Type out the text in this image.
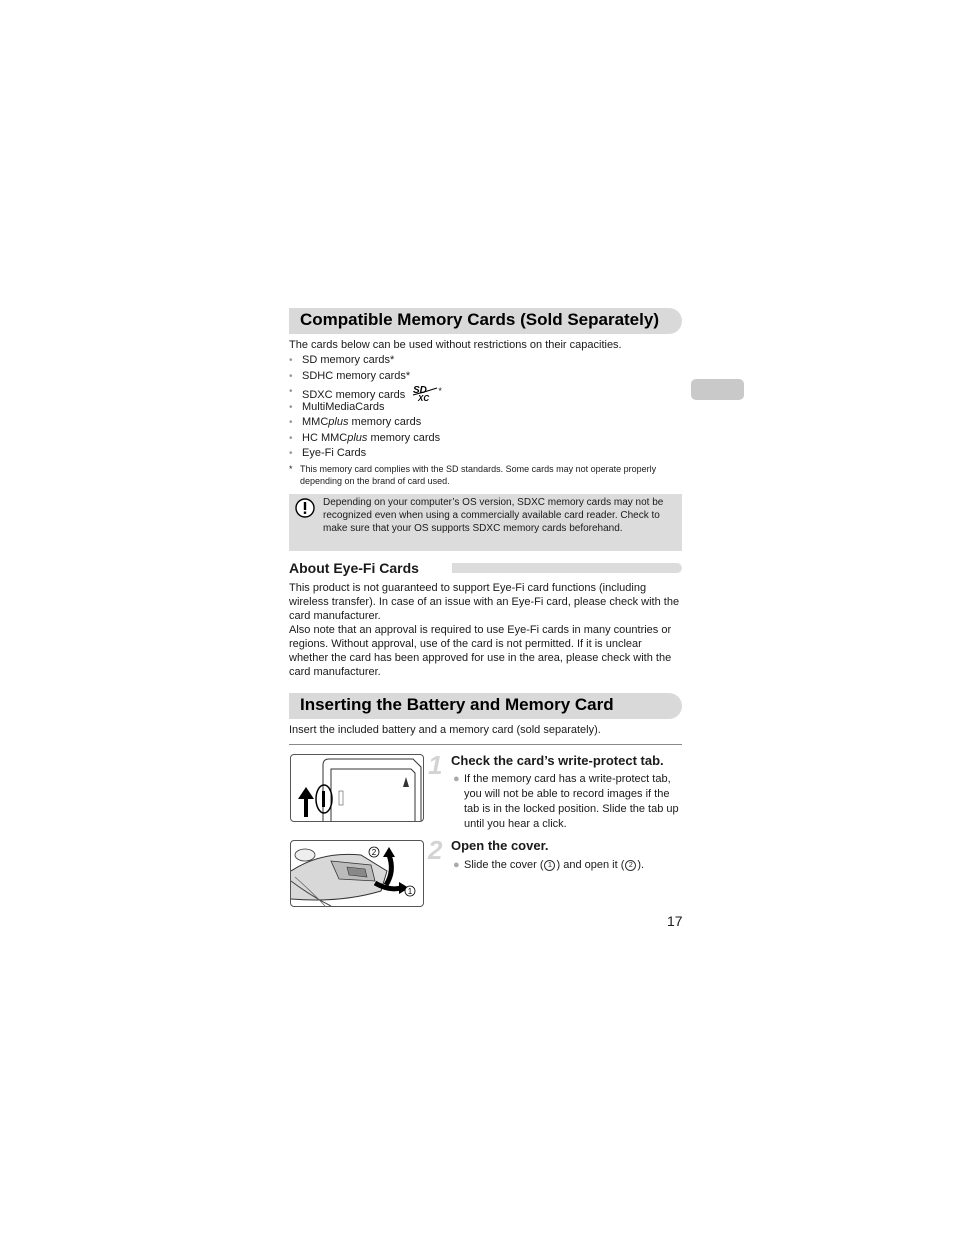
Compatible Memory Cards (Sold Separately)
The cards below can be used without restrictions on their capacities.
• SD memory cards*
• SDHC memory cards*
• SDXC memory cards SD
XC
*
• MultiMediaCards
• MMCplus memory cards
• HC MMCplus memory cards
• Eye-Fi Cards
* This memory card complies with the SD standards. Some cards may not operate properly depending on the brand of card used.
Depending on your computer’s OS version, SDXC memory cards may not be recognized even when using a commercially available card reader. Check to make sure that your OS supports SDXC memory cards beforehand.
About Eye-Fi Cards
This product is not guaranteed to support Eye-Fi card functions (including wireless transfer). In case of an issue with an Eye-Fi card, please check with the card manufacturer.
Also note that an approval is required to use Eye-Fi cards in many countries or regions. Without approval, use of the card is not permitted. If it is unclear whether the card has been approved for use in the area, please check with the card manufacturer.
Inserting the Battery and Memory Card
Insert the included battery and a memory card (sold separately).
1 Check the card’s write-protect tab.
● If the memory card has a write-protect tab, you will not be able to record images if the tab is in the locked position. Slide the tab up until you hear a click.
2
1
2 Open the cover.
● Slide the cover ( 1 ) and open it ( 2 ).
17
